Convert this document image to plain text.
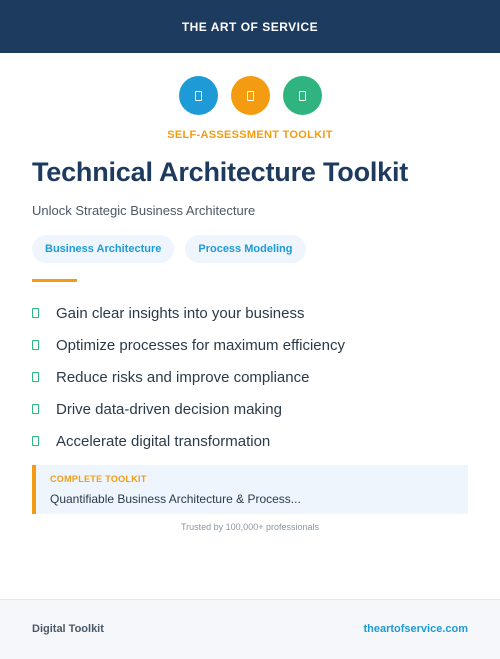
THE ART OF SERVICE
SELF-ASSESSMENT TOOLKIT
Technical Architecture Toolkit
Unlock Strategic Business Architecture
Business Architecture	Process Modeling
Gain clear insights into your business
Optimize processes for maximum efficiency
Reduce risks and improve compliance
Drive data-driven decision making
Accelerate digital transformation
COMPLETE TOOLKIT
Quantifiable Business Architecture & Process...
Trusted by 100,000+ professionals
Digital Toolkit	theartofservice.com
